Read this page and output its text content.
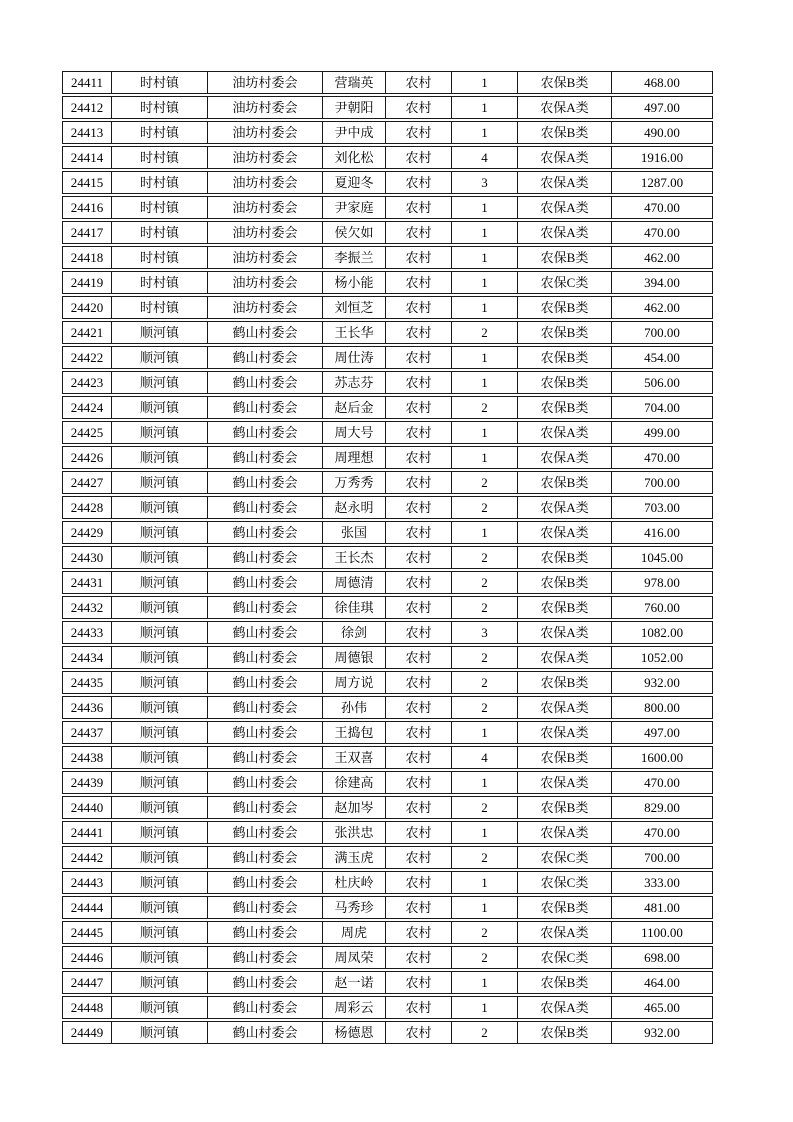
24411	时村镇	油坊村委会	营瑞英	农村	1	农保B类	468.00
24412	时村镇	油坊村委会	尹朝阳	农村	1	农保A类	497.00
24413	时村镇	油坊村委会	尹中成	农村	1	农保B类	490.00
24414	时村镇	油坊村委会	刘化松	农村	4	农保A类	1916.00
24415	时村镇	油坊村委会	夏迎冬	农村	3	农保A类	1287.00
24416	时村镇	油坊村委会	尹家庭	农村	1	农保A类	470.00
24417	时村镇	油坊村委会	侯欠如	农村	1	农保A类	470.00
24418	时村镇	油坊村委会	李振兰	农村	1	农保B类	462.00
24419	时村镇	油坊村委会	杨小能	农村	1	农保C类	394.00
24420	时村镇	油坊村委会	刘恒芝	农村	1	农保B类	462.00
24421	顺河镇	鹤山村委会	王长华	农村	2	农保B类	700.00
24422	顺河镇	鹤山村委会	周仕涛	农村	1	农保B类	454.00
24423	顺河镇	鹤山村委会	苏志芬	农村	1	农保B类	506.00
24424	顺河镇	鹤山村委会	赵后金	农村	2	农保B类	704.00
24425	顺河镇	鹤山村委会	周大号	农村	1	农保A类	499.00
24426	顺河镇	鹤山村委会	周理想	农村	1	农保A类	470.00
24427	顺河镇	鹤山村委会	万秀秀	农村	2	农保B类	700.00
24428	顺河镇	鹤山村委会	赵永明	农村	2	农保A类	703.00
24429	顺河镇	鹤山村委会	张国	农村	1	农保A类	416.00
24430	顺河镇	鹤山村委会	王长杰	农村	2	农保B类	1045.00
24431	顺河镇	鹤山村委会	周德清	农村	2	农保B类	978.00
24432	顺河镇	鹤山村委会	徐佳琪	农村	2	农保B类	760.00
24433	顺河镇	鹤山村委会	徐剑	农村	3	农保A类	1082.00
24434	顺河镇	鹤山村委会	周德银	农村	2	农保A类	1052.00
24435	顺河镇	鹤山村委会	周方说	农村	2	农保B类	932.00
24436	顺河镇	鹤山村委会	孙伟	农村	2	农保A类	800.00
24437	顺河镇	鹤山村委会	王捣包	农村	1	农保A类	497.00
24438	顺河镇	鹤山村委会	王双喜	农村	4	农保B类	1600.00
24439	顺河镇	鹤山村委会	徐建高	农村	1	农保A类	470.00
24440	顺河镇	鹤山村委会	赵加岑	农村	2	农保B类	829.00
24441	顺河镇	鹤山村委会	张洪忠	农村	1	农保A类	470.00
24442	顺河镇	鹤山村委会	满玉虎	农村	2	农保C类	700.00
24443	顺河镇	鹤山村委会	杜庆岭	农村	1	农保C类	333.00
24444	顺河镇	鹤山村委会	马秀珍	农村	1	农保B类	481.00
24445	顺河镇	鹤山村委会	周虎	农村	2	农保A类	1100.00
24446	顺河镇	鹤山村委会	周凤荣	农村	2	农保C类	698.00
24447	顺河镇	鹤山村委会	赵一诺	农村	1	农保B类	464.00
24448	顺河镇	鹤山村委会	周彩云	农村	1	农保A类	465.00
24449	顺河镇	鹤山村委会	杨德恩	农村	2	农保B类	932.00
